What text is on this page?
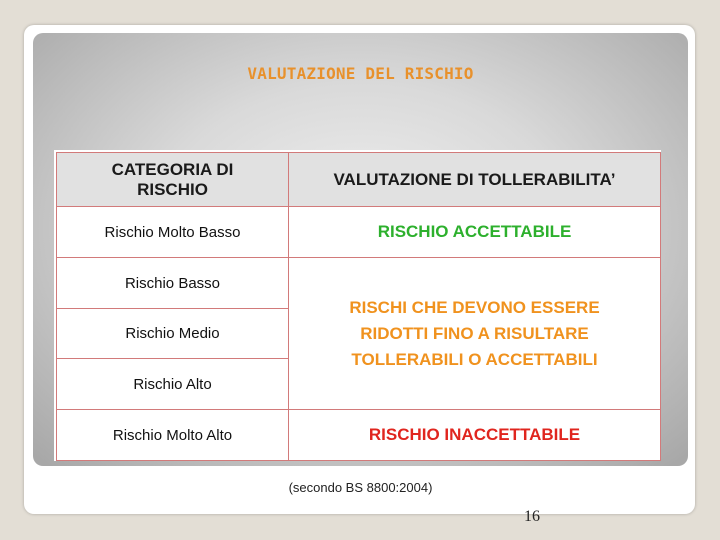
VALUTAZIONE DEL RISCHIO
CATEGORIA DI RISCHIO	VALUTAZIONE DI TOLLERABILITA’
Rischio Molto Basso	RISCHIO ACCETTABILE
Rischio Basso	RISCHI CHE DEVONO ESSERE RIDOTTI FINO A RISULTARE TOLLERABILI O ACCETTABILI
Rischio Medio	
Rischio Alto	
Rischio Molto Alto	RISCHIO INACCETTABILE
(secondo BS 8800:2004)
16
